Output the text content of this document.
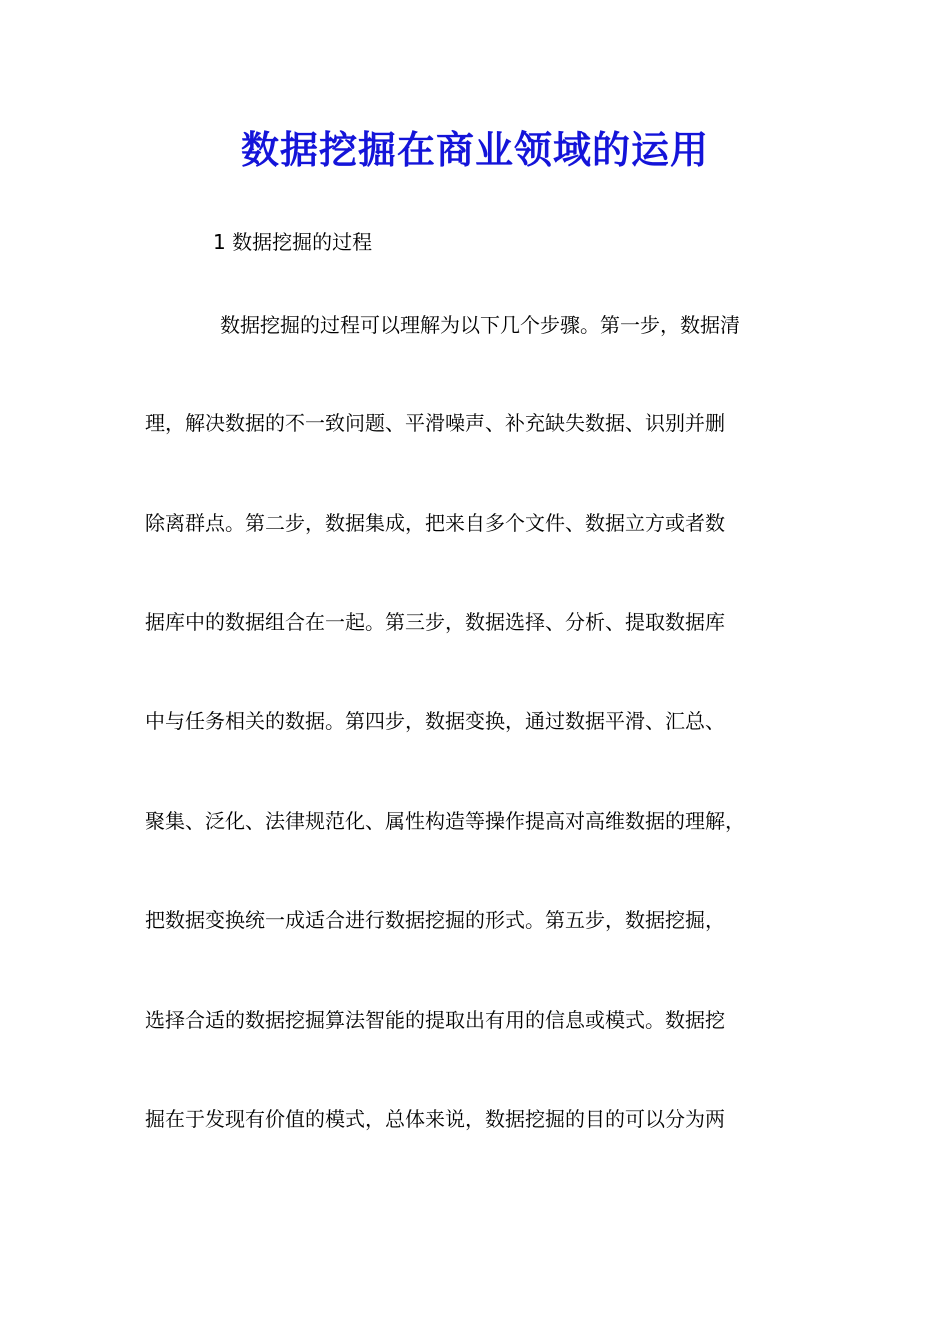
数据挖掘在商业领域的运用

1 数据挖掘的过程

数据挖掘的过程可以理解为以下几个步骤。第一步，数据清

理，解决数据的不一致问题、平滑噪声、补充缺失数据、识别并删

除离群点。第二步，数据集成，把来自多个文件、数据立方或者数

据库中的数据组合在一起。第三步，数据选择、分析、提取数据库

中与任务相关的数据。第四步，数据变换，通过数据平滑、汇总、

聚集、泛化、法律规范化、属性构造等操作提高对高维数据的理解，

把数据变换统一成适合进行数据挖掘的形式。第五步，数据挖掘，

选择合适的数据挖掘算法智能的提取出有用的信息或模式。数据挖

掘在于发现有价值的模式，总体来说，数据挖掘的目的可以分为两
